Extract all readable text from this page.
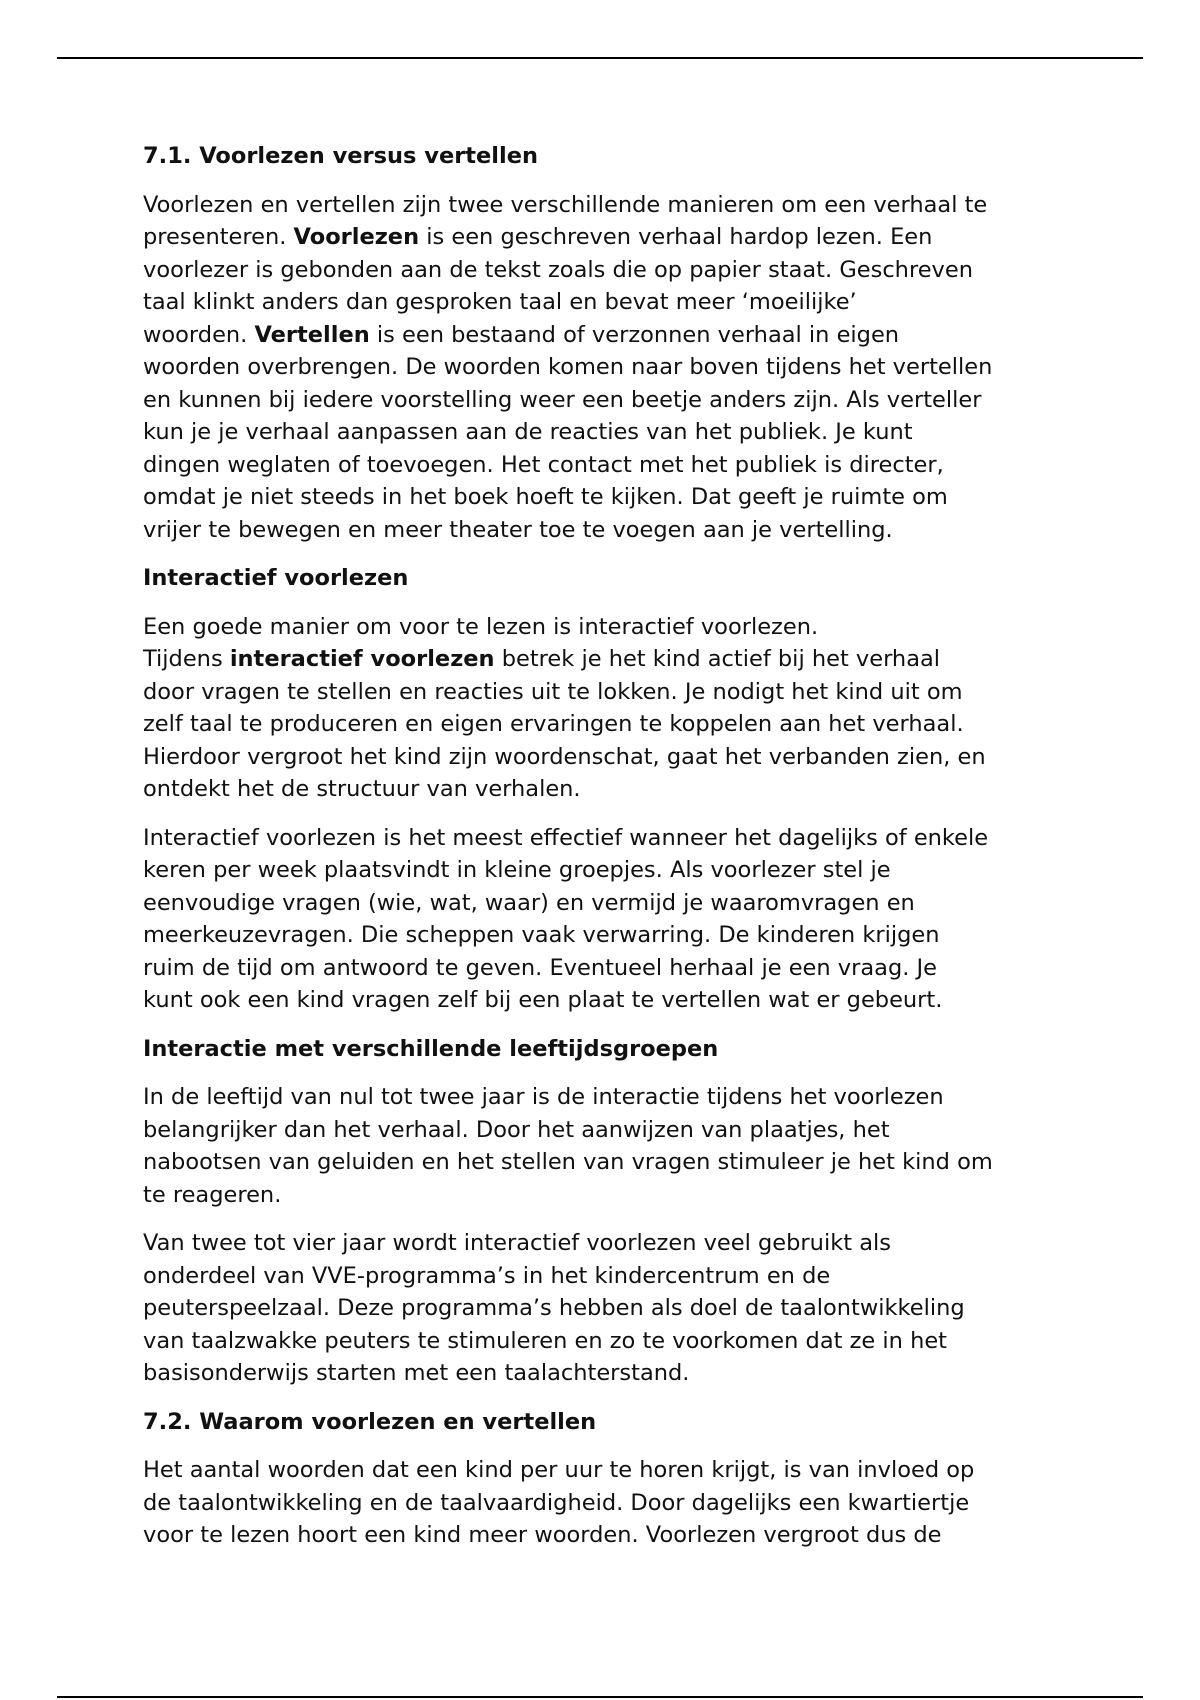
7.1. Voorlezen versus vertellen
Voorlezen en vertellen zijn twee verschillende manieren om een verhaal te
presenteren. Voorlezen is een geschreven verhaal hardop lezen. Een
voorlezer is gebonden aan de tekst zoals die op papier staat. Geschreven
taal klinkt anders dan gesproken taal en bevat meer ‘moeilijke’
woorden. Vertellen is een bestaand of verzonnen verhaal in eigen
woorden overbrengen. De woorden komen naar boven tijdens het vertellen
en kunnen bij iedere voorstelling weer een beetje anders zijn. Als verteller
kun je je verhaal aanpassen aan de reacties van het publiek. Je kunt
dingen weglaten of toevoegen. Het contact met het publiek is directer,
omdat je niet steeds in het boek hoeft te kijken. Dat geeft je ruimte om
vrijer te bewegen en meer theater toe te voegen aan je vertelling.
Interactief voorlezen
Een goede manier om voor te lezen is interactief voorlezen.
Tijdens interactief voorlezen betrek je het kind actief bij het verhaal
door vragen te stellen en reacties uit te lokken. Je nodigt het kind uit om
zelf taal te produceren en eigen ervaringen te koppelen aan het verhaal.
Hierdoor vergroot het kind zijn woordenschat, gaat het verbanden zien, en
ontdekt het de structuur van verhalen.
Interactief voorlezen is het meest effectief wanneer het dagelijks of enkele
keren per week plaatsvindt in kleine groepjes. Als voorlezer stel je
eenvoudige vragen (wie, wat, waar) en vermijd je waaromvragen en
meerkeuzevragen. Die scheppen vaak verwarring. De kinderen krijgen
ruim de tijd om antwoord te geven. Eventueel herhaal je een vraag. Je
kunt ook een kind vragen zelf bij een plaat te vertellen wat er gebeurt.
Interactie met verschillende leeftijdsgroepen
In de leeftijd van nul tot twee jaar is de interactie tijdens het voorlezen
belangrijker dan het verhaal. Door het aanwijzen van plaatjes, het
nabootsen van geluiden en het stellen van vragen stimuleer je het kind om
te reageren.
Van twee tot vier jaar wordt interactief voorlezen veel gebruikt als
onderdeel van VVE-programma’s in het kindercentrum en de
peuterspeelzaal. Deze programma’s hebben als doel de taalontwikkeling
van taalzwakke peuters te stimuleren en zo te voorkomen dat ze in het
basisonderwijs starten met een taalachterstand.
7.2. Waarom voorlezen en vertellen
Het aantal woorden dat een kind per uur te horen krijgt, is van invloed op
de taalontwikkeling en de taalvaardigheid. Door dagelijks een kwartiertje
voor te lezen hoort een kind meer woorden. Voorlezen vergroot dus de
